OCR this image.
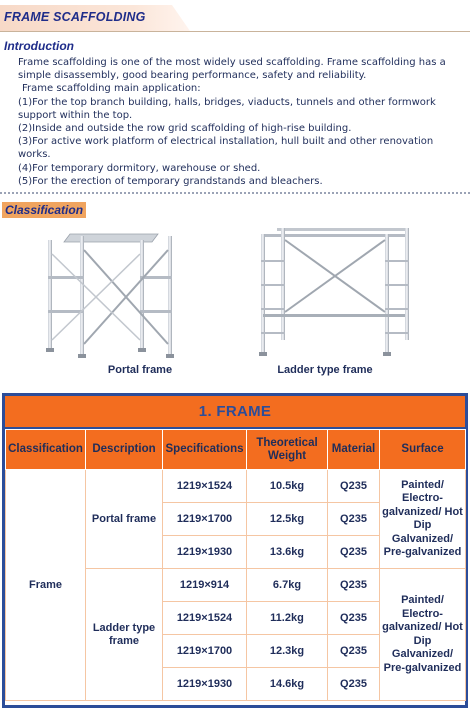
FRAME SCAFFOLDING
Introduction

Frame scaffolding is one of the most widely used scaffolding. Frame scaffolding has a simple disassembly, good bearing performance, safety and reliability.

Frame scaffolding main application:

(1)For the top branch building, halls, bridges, viaducts, tunnels and other formwork support within the top.

(2)Inside and outside the row grid scaffolding of high-rise building.

(3)For active work platform of electrical installation, hull built and other renovation works.

(4)For temporary dormitory, warehouse or shed.

(5)For the erection of temporary grandstands and bleachers.

Classification
Portal frame	Ladder type frame
1. FRAME
Classification	Description	Specifications	Theoretical Weight	Material	Surface
Frame	Portal frame	1219×1524	10.5kg	Q235	Painted/ Electro-galvanized/ Hot Dip Galvanized/ Pre-galvanized
		1219×1700	12.5kg	Q235	
		1219×1930	13.6kg	Q235	
	Ladder type frame	1219×914	6.7kg	Q235	Painted/ Electro-galvanized/ Hot Dip Galvanized/ Pre-galvanized
		1219×1524	11.2kg	Q235	
		1219×1700	12.3kg	Q235	
		1219×1930	14.6kg	Q235	
